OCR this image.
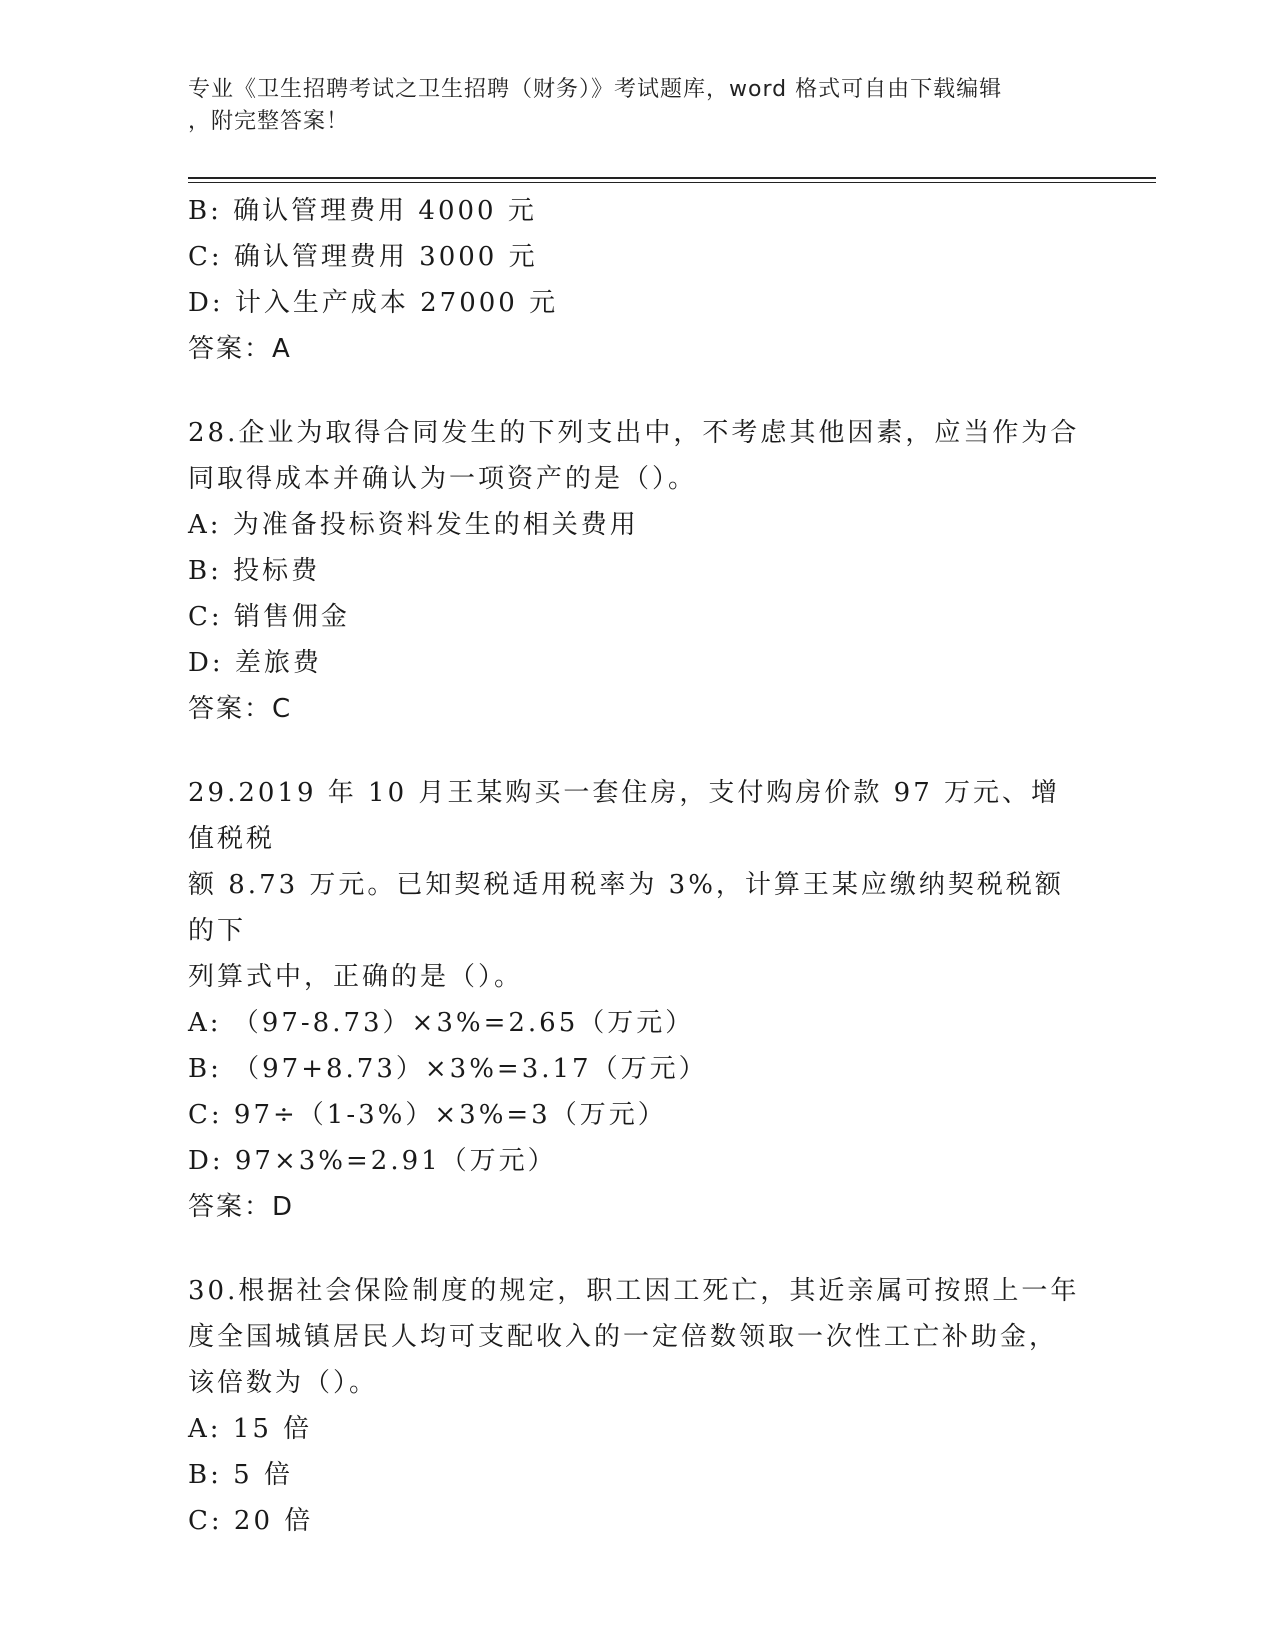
专业《卫生招聘考试之卫生招聘（财务）》考试题库，word 格式可自由下载编辑
，附完整答案！
B: 确认管理费用 4000 元
C: 确认管理费用 3000 元
D: 计入生产成本 27000 元
答案：A
28.企业为取得合同发生的下列支出中，不考虑其他因素，应当作为合
同取得成本并确认为一项资产的是（）。
A: 为准备投标资料发生的相关费用
B: 投标费
C: 销售佣金
D: 差旅费
答案：C
29.2019 年 10 月王某购买一套住房，支付购房价款 97 万元、增值税税
额 8.73 万元。已知契税适用税率为 3%，计算王某应缴纳契税税额的下
列算式中，正确的是（）。
A: （97-8.73）×3%=2.65（万元）
B: （97+8.73）×3%=3.17（万元）
C: 97÷（1-3%）×3%=3（万元）
D: 97×3%=2.91（万元）
答案：D
30.根据社会保险制度的规定，职工因工死亡，其近亲属可按照上一年
度全国城镇居民人均可支配收入的一定倍数领取一次性工亡补助金，
该倍数为（）。
A: 15 倍
B: 5 倍
C: 20 倍
